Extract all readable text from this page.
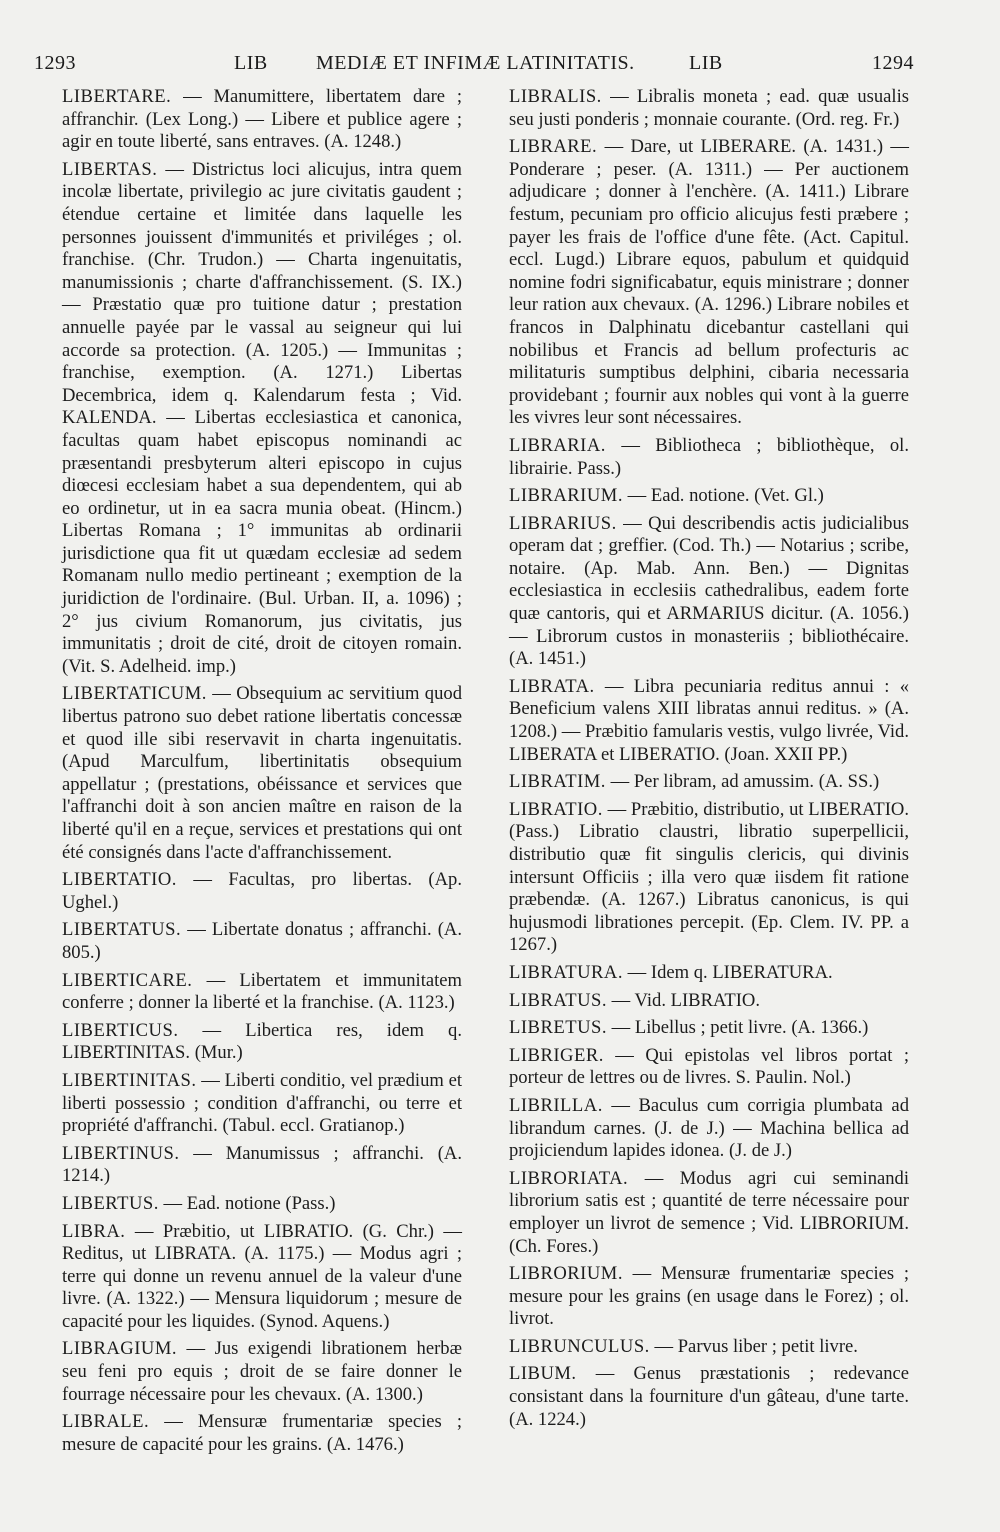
1293	LIB MEDIÆ ET INFIMÆ LATINITATIS.	LIB	1294

LIBERTARE. — Manumittere, libertatem dare ; affranchir. (Lex Long.) — Libere et publice agere ; agir en toute liberté, sans entraves. (A. 1248.)

LIBERTAS. — Districtus loci alicujus, intra quem incolæ libertate, privilegio ac jure civitatis gaudent ; étendue certaine et limitée dans laquelle les personnes jouissent d'immunités et priviléges ; ol. franchise. (Chr. Trudon.) — Charta ingenuitatis, manumissionis ; charte d'affranchissement. (S. IX.) — Præstatio quæ pro tuitione datur ; prestation annuelle payée par le vassal au seigneur qui lui accorde sa protection. (A. 1205.) — Immunitas ; franchise, exemption. (A. 1271.) Libertas Decembrica, idem q. Kalendarum festa ; Vid. KALENDA. — Libertas ecclesiastica et canonica, facultas quam habet episcopus nominandi ac præsentandi presbyterum alteri episcopo in cujus diœcesi ecclesiam habet a sua dependentem, qui ab eo ordinetur, ut in ea sacra munia obeat. (Hincm.) Libertas Romana ; 1° immunitas ab ordinarii jurisdictione qua fit ut quædam ecclesiæ ad sedem Romanam nullo medio pertineant ; exemption de la juridiction de l'ordinaire. (Bul. Urban. II, a. 1096) ; 2° jus civium Romanorum, jus civitatis, jus immunitatis ; droit de cité, droit de citoyen romain. (Vit. S. Adelheid. imp.)

LIBERTATICUM. — Obsequium ac servitium quod libertus patrono suo debet ratione libertatis concessæ et quod ille sibi reservavit in charta ingenuitatis. (Apud Marculfum, libertinitatis obsequium appellatur ; (prestations, obéissance et services que l'affranchi doit à son ancien maître en raison de la liberté qu'il en a reçue, services et prestations qui ont été consignés dans l'acte d'affranchissement.

LIBERTATIO. — Facultas, pro libertas. (Ap. Ughel.)

LIBERTATUS. — Libertate donatus ; affranchi. (A. 805.)

LIBERTICARE. — Libertatem et immunitatem conferre ; donner la liberté et la franchise. (A. 1123.)

LIBERTICUS. — Libertica res, idem q. LIBERTINITAS. (Mur.)

LIBERTINITAS. — Liberti conditio, vel prædium et liberti possessio ; condition d'affranchi, ou terre et propriété d'affranchi. (Tabul. eccl. Gratianop.)

LIBERTINUS. — Manumissus ; affranchi. (A. 1214.)

LIBERTUS. — Ead. notione (Pass.)

LIBRA. — Præbitio, ut LIBRATIO. (G. Chr.) — Reditus, ut LIBRATA. (A. 1175.) — Modus agri ; terre qui donne un revenu annuel de la valeur d'une livre. (A. 1322.) — Mensura liquidorum ; mesure de capacité pour les liquides. (Synod. Aquens.)

LIBRAGIUM. — Jus exigendi librationem herbæ seu feni pro equis ; droit de se faire donner le fourrage nécessaire pour les chevaux. (A. 1300.)

LIBRALE. — Mensuræ frumentariæ species ; mesure de capacité pour les grains. (A. 1476.)

LIBRALIS. — Libralis moneta ; ead. quæ usualis seu justi ponderis ; monnaie courante. (Ord. reg. Fr.)

LIBRARE. — Dare, ut LIBERARE. (A. 1431.) — Ponderare ; peser. (A. 1311.) — Per auctionem adjudicare ; donner à l'enchère. (A. 1411.) Librare festum, pecuniam pro officio alicujus festi præbere ; payer les frais de l'office d'une fête. (Act. Capitul. eccl. Lugd.) Librare equos, pabulum et quidquid nomine fodri significabatur, equis ministrare ; donner leur ration aux chevaux. (A. 1296.) Librare nobiles et francos in Dalphinatu dicebantur castellani qui nobilibus et Francis ad bellum profecturis ac militaturis sumptibus delphini, cibaria necessaria providebant ; fournir aux nobles qui vont à la guerre les vivres leur sont nécessaires.

LIBRARIA. — Bibliotheca ; bibliothèque, ol. librairie. Pass.)

LIBRARIUM. — Ead. notione. (Vet. Gl.)

LIBRARIUS. — Qui describendis actis judicialibus operam dat ; greffier. (Cod. Th.) — Notarius ; scribe, notaire. (Ap. Mab. Ann. Ben.) — Dignitas ecclesiastica in ecclesiis cathedralibus, eadem forte quæ cantoris, qui et ARMARIUS dicitur. (A. 1056.) — Librorum custos in monasteriis ; bibliothécaire. (A. 1451.)

LIBRATA. — Libra pecuniaria reditus annui : « Beneficium valens XIII libratas annui reditus. » (A. 1208.) — Præbitio famularis vestis, vulgo livrée, Vid. LIBERATA et LIBERATIO. (Joan. XXII PP.)

LIBRATIM. — Per libram, ad amussim. (A. SS.)

LIBRATIO. — Præbitio, distributio, ut LIBERATIO. (Pass.) Libratio claustri, libratio superpellicii, distributio quæ fit singulis clericis, qui divinis intersunt Officiis ; illa vero quæ iisdem fit ratione præbendæ. (A. 1267.) Libratus canonicus, is qui hujusmodi librationes percepit. (Ep. Clem. IV. PP. a 1267.)

LIBRATURA. — Idem q. LIBERATURA.

LIBRATUS. — Vid. LIBRATIO.

LIBRETUS. — Libellus ; petit livre. (A. 1366.)

LIBRIGER. — Qui epistolas vel libros portat ; porteur de lettres ou de livres. S. Paulin. Nol.)

LIBRILLA. — Baculus cum corrigia plumbata ad librandum carnes. (J. de J.) — Machina bellica ad projiciendum lapides idonea. (J. de J.)

LIBRORIATA. — Modus agri cui seminandi librorium satis est ; quantité de terre nécessaire pour employer un livrot de semence ; Vid. LIBRORIUM. (Ch. Fores.)

LIBRORIUM. — Mensuræ frumentariæ species ; mesure pour les grains (en usage dans le Forez) ; ol. livrot.

LIBRUNCULUS. — Parvus liber ; petit livre.

LIBUM. — Genus præstationis ; redevance consistant dans la fourniture d'un gâteau, d'une tarte. (A. 1224.)
